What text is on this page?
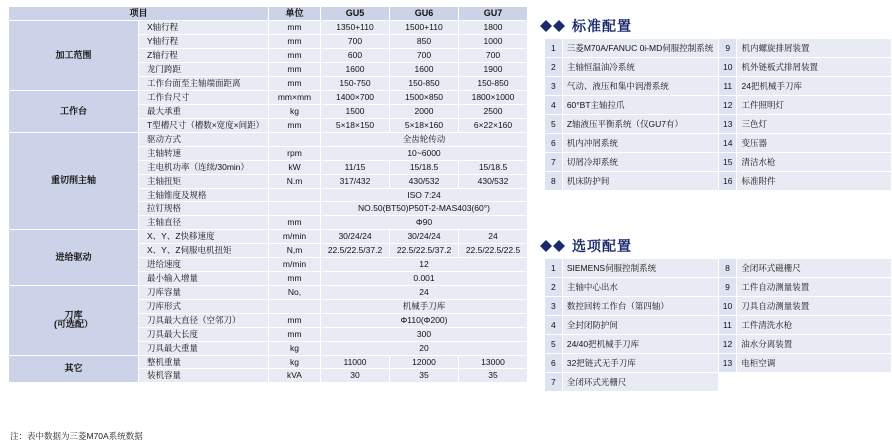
项目		单位	GU5	GU6	GU7
加工范围	X轴行程	mm	1350+110	1500+110	1800
	Y轴行程	mm	700	850	1000
	Z轴行程	mm	600	700	700
	龙门跨距	mm	1600	1600	1900
	工作台面至主轴端面距离	mm	150-750	150-850	150-850
工作台	工作台尺寸	mm×mm	1400×700	1500×850	1800×1000
	最大承重	kg	1500	2000	2500
	T型槽尺寸（槽数×宽度×间距）	mm	5×18×150	5×18×160	6×22×160
重切削主轴	驱动方式		全齿轮传动		
	主轴转速	rpm	10~6000		
	主电机功率（连续/30min）	kW	11/15	15/18.5	15/18.5
	主轴扭矩	N.m	317/432	430/532	430/532
	主轴锥度及规格		ISO 7:24		
	拉钉规格		NO.50(BT50)P50T-2-MAS403(60°)		
	主轴直径	mm	Φ90		
进给驱动	X、Y、Z快移速度	m/min	30/24/24	30/24/24	24
	X、Y、Z伺服电机扭矩	N,m	22.5/22.5/37.2	22.5/22.5/37.2	22.5/22.5/22.5
	进给速度	m/min	12		
	最小输入增量	mm	0.001		
刀库
(可选配）	刀库容量	No,	24		
	刀库形式		机械手刀库		
	刀具最大直径（空邻刀）	mm	Φ110(Φ200)		
	刀具最大长度	mm	300		
	刀具最大重量	kg	20		
其它	整机重量	kg	11000	12000	13000
	装机容量	kVA	30	35	35
注：表中数据为三菱M70A系统数据
标准配置
1	三菱M70A/FANUC 0i-MD伺服控制系统	9	机内螺旋排屑装置
2	主轴恒温油冷系统	10	机外链板式排屑装置
3	气动、液压和集中润滑系统	11	24把机械手刀库
4	60°BT主轴拉爪	12	工件照明灯
5	Z轴液压平衡系统（仅GU7有）	13	三色灯
6	机内冲屑系统	14	变压器
7	切屑冷却系统	15	清洁水枪
8	机床防护间	16	标准附件
选项配置
1	SIEMENS伺服控制系统	8	全闭环式磁栅尺
2	主轴中心出水	9	工件自动测量装置
3	数控回转工作台（第四轴）	10	刀具自动测量装置
4	全封闭防护间	11	工件清洗水枪
5	24/40把机械手刀库	12	油水分离装置
6	32把链式无手刀库	13	电柜空调
7	全闭环式光栅尺		
